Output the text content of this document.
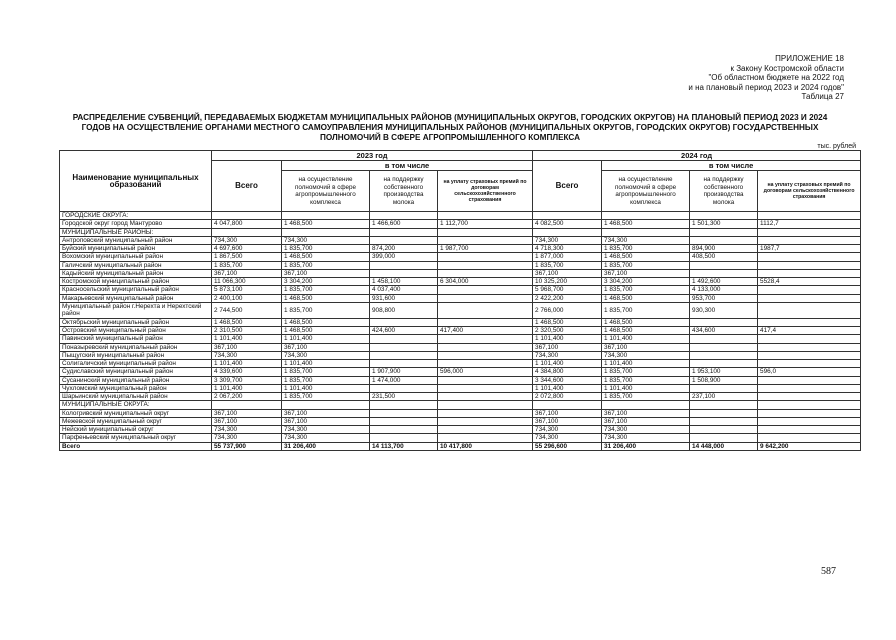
ПРИЛОЖЕНИЕ 18
к Закону Костромской области
"Об областном бюджете на 2022 год
и на плановый период 2023 и 2024 годов"
Таблица 27
РАСПРЕДЕЛЕНИЕ СУБВЕНЦИЙ, ПЕРЕДАВАЕМЫХ БЮДЖЕТАМ МУНИЦИПАЛЬНЫХ РАЙОНОВ (МУНИЦИПАЛЬНЫХ ОКРУГОВ, ГОРОДСКИХ ОКРУГОВ) НА ПЛАНОВЫЙ ПЕРИОД 2023 И 2024
ГОДОВ НА ОСУЩЕСТВЛЕНИЕ ОРГАНАМИ МЕСТНОГО САМОУПРАВЛЕНИЯ МУНИЦИПАЛЬНЫХ РАЙОНОВ (МУНИЦИПАЛЬНЫХ ОКРУГОВ, ГОРОДСКИХ ОКРУГОВ) ГОСУДАРСТВЕННЫХ
ПОЛНОМОЧИЙ В СФЕРЕ АГРОПРОМЫШЛЕННОГО КОМПЛЕКСА
тыс. рублей
Наименование муниципальных образований	2023 год				2024 год			
	Всего	в том числе			Всего	в том числе		
		на осуществление полномочий в сфере агропромышленного комплекса	на поддержку собственного производства молока	на уплату страховых премий по договорам сельскохозяйственного страхования		на осуществление полномочий в сфере агропромышленного комплекса	на поддержку собственного производства молока	на уплату страховых премий по договорам сельскохозяйственного страхования
ГОРОДСКИЕ ОКРУГА:								
Городской округ город Мантурово	4 047,800	1 468,500	1 466,600	1 112,700	4 082,500	1 468,500	1 501,300	1112,7
МУНИЦИПАЛЬНЫЕ РАЙОНЫ:								
Антроповский муниципальный район	734,300	734,300			734,300	734,300		
Буйский муниципальный район	4 697,600	1 835,700	874,200	1 987,700	4 718,300	1 835,700	894,900	1987,7
Вохомский муниципальный район	1 867,500	1 468,500	399,000		1 877,000	1 468,500	408,500	
Галичский муниципальный район	1 835,700	1 835,700			1 835,700	1 835,700		
Кадыйский муниципальный район	367,100	367,100			367,100	367,100		
Костромской муниципальный район	11 066,300	3 304,200	1 458,100	6 304,000	10 325,200	3 304,200	1 492,600	5528,4
Красносельский муниципальный район	5 873,100	1 835,700	4 037,400		5 968,700	1 835,700	4 133,000	
Макарьевский муниципальный район	2 400,100	1 468,500	931,600		2 422,200	1 468,500	953,700	
Муниципальный район г.Нерехта и Нерехтский район	2 744,500	1 835,700	908,800		2 766,000	1 835,700	930,300	
Октябрьский муниципальный район	1 468,500	1 468,500			1 468,500	1 468,500		
Островский муниципальный район	2 310,500	1 468,500	424,600	417,400	2 320,500	1 468,500	434,600	417,4
Павинский муниципальный район	1 101,400	1 101,400			1 101,400	1 101,400		
Поназыревский муниципальный район	367,100	367,100			367,100	367,100		
Пыщугский муниципальный район	734,300	734,300			734,300	734,300		
Солигаличский муниципальный район	1 101,400	1 101,400			1 101,400	1 101,400		
Судиславский муниципальный район	4 339,600	1 835,700	1 907,900	596,000	4 384,800	1 835,700	1 953,100	596,0
Сусанинский муниципальный район	3 309,700	1 835,700	1 474,000		3 344,600	1 835,700	1 508,900	
Чухломский муниципальный район	1 101,400	1 101,400			1 101,400	1 101,400		
Шарьинский муниципальный район	2 067,200	1 835,700	231,500		2 072,800	1 835,700	237,100	
МУНИЦИПАЛЬНЫЕ ОКРУГА:								
Кологривский муниципальный округ	367,100	367,100			367,100	367,100		
Межевской муниципальный округ	367,100	367,100			367,100	367,100		
Нейский муниципальный округ	734,300	734,300			734,300	734,300		
Парфеньевский муниципальный округ	734,300	734,300			734,300	734,300		
Всего	55 737,900	31 206,400	14 113,700	10 417,800	55 296,600	31 206,400	14 448,000	9 642,200
587
